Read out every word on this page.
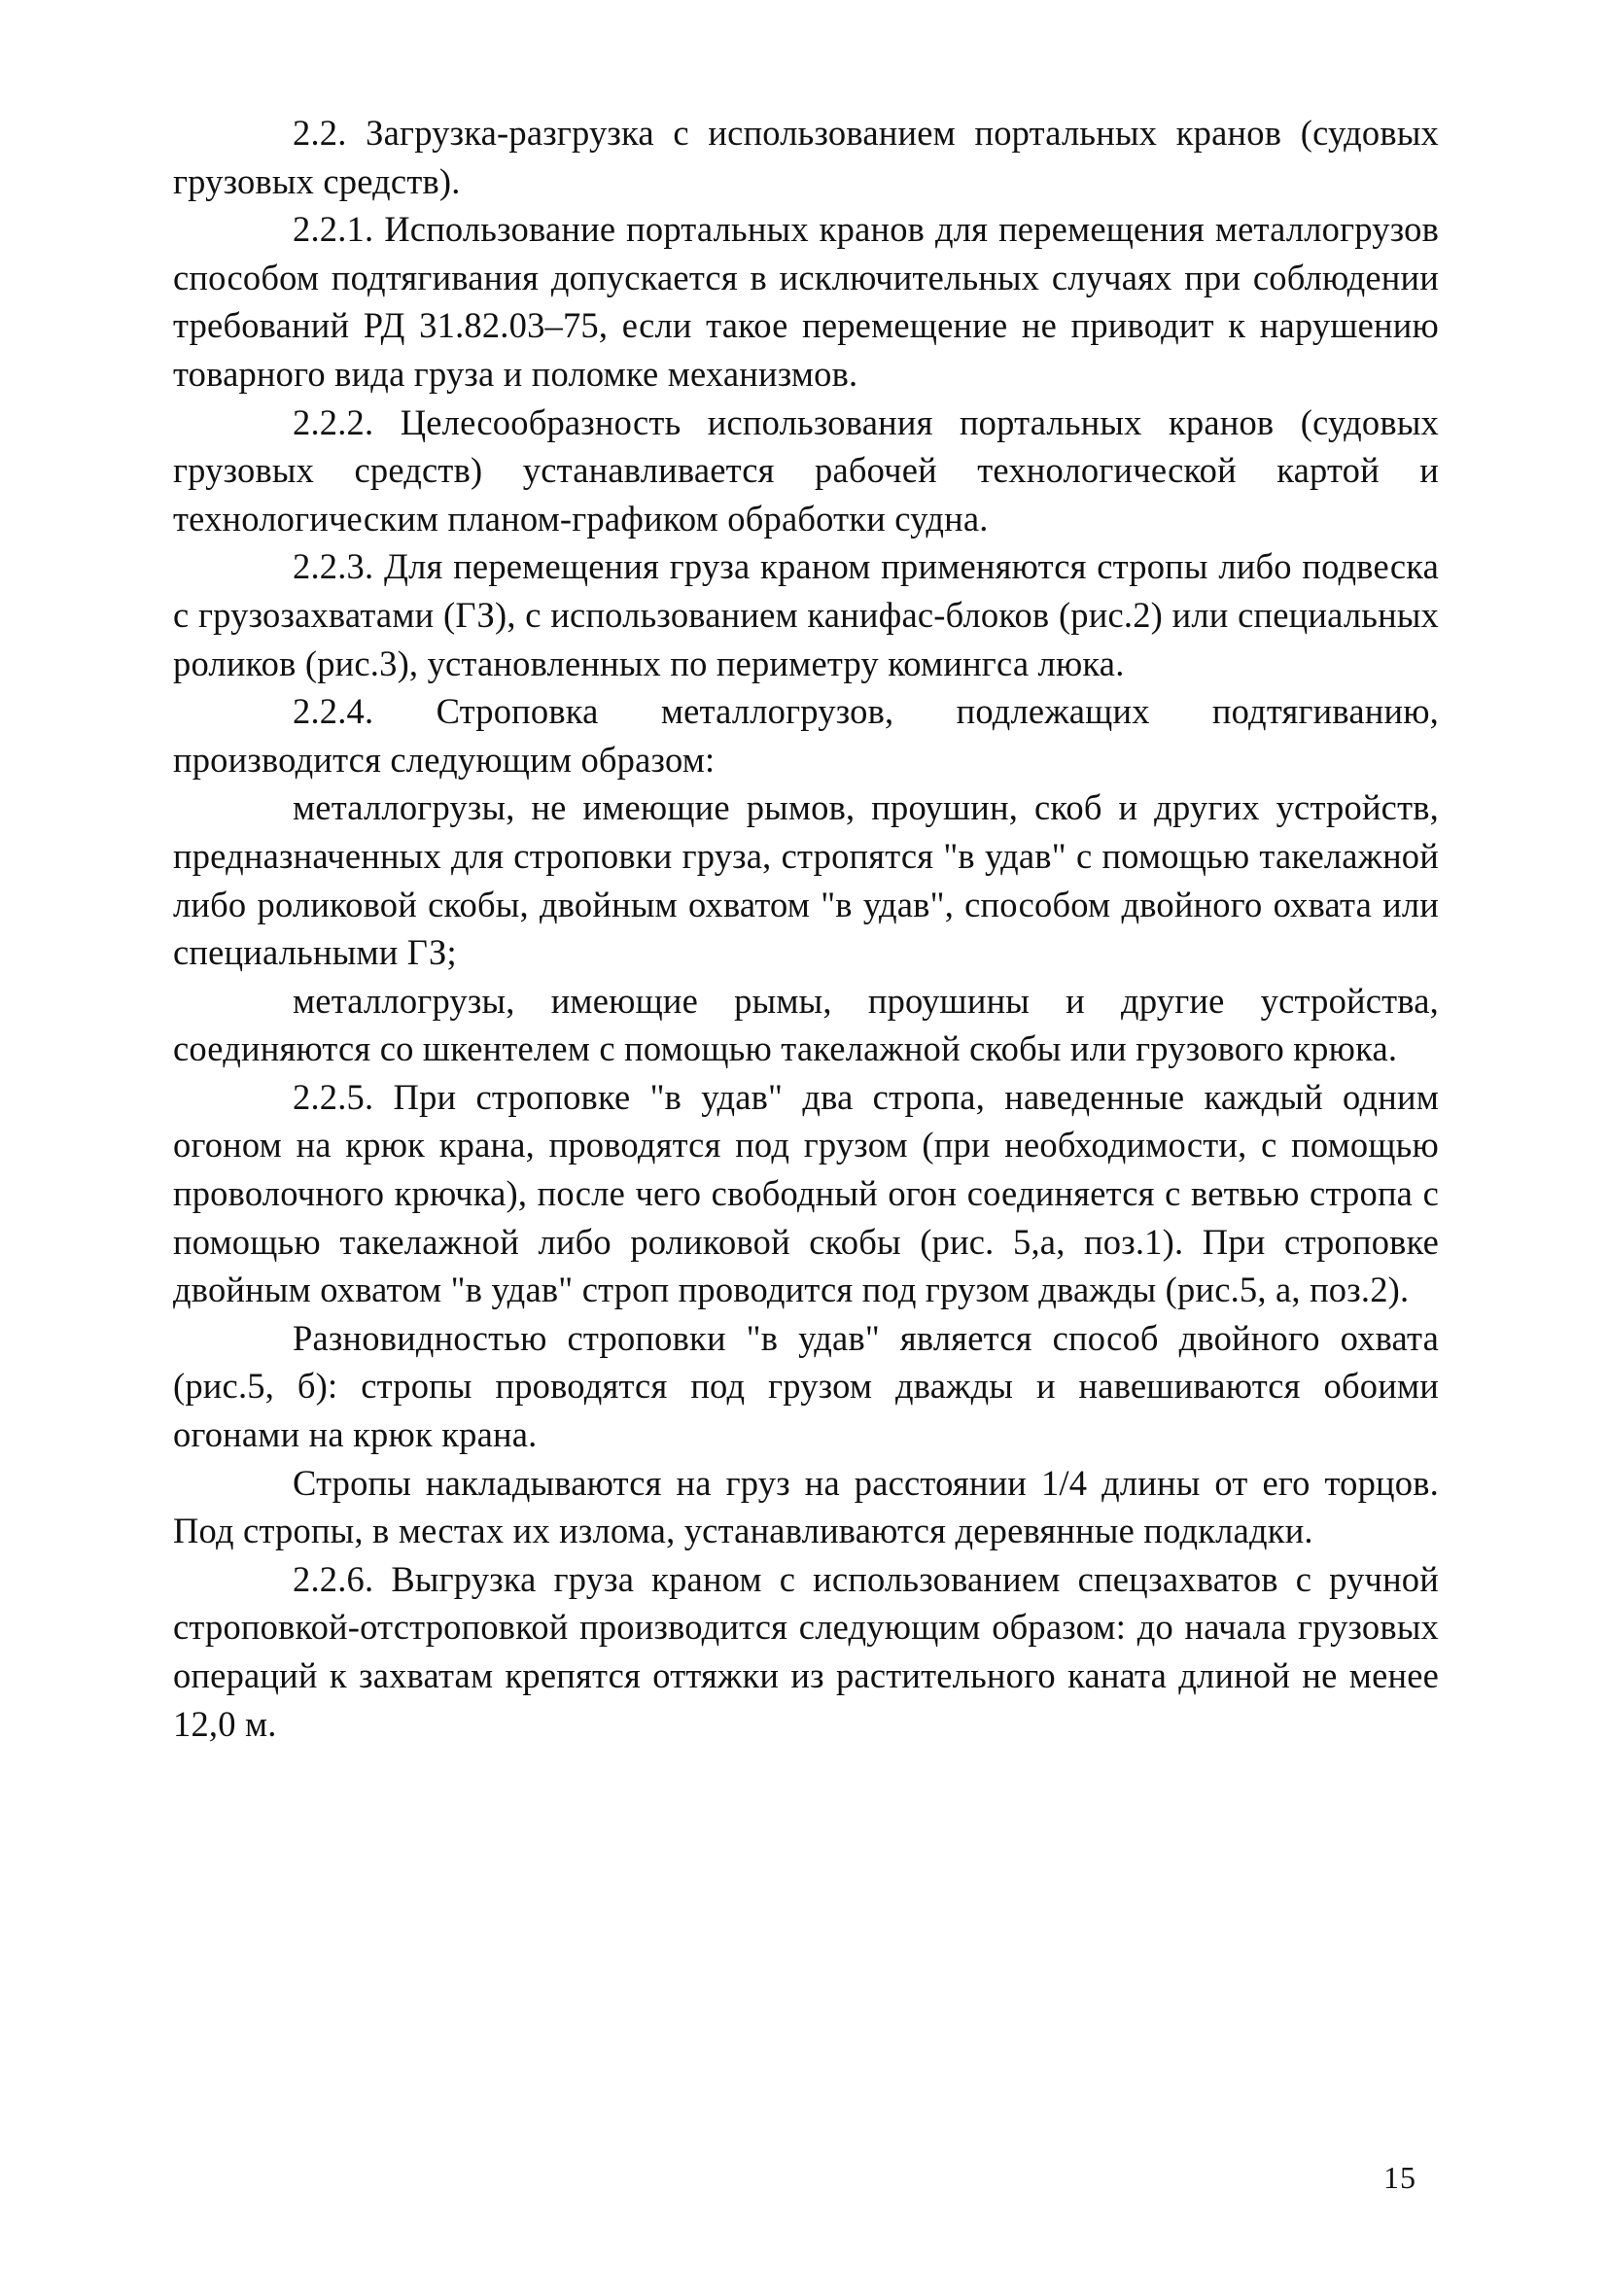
2.2. Загрузка-разгрузка с использованием портальных кранов (судовых грузовых средств).

2.2.1. Использование портальных кранов для перемещения металлогрузов способом подтягивания допускается в исключительных случаях при соблюдении требований РД 31.82.03–75, если такое перемещение не приводит к нарушению товарного вида груза и поломке механизмов.

2.2.2. Целесообразность использования портальных кранов (судовых грузовых средств) устанавливается рабочей технологической картой и технологическим планом-графиком обработки судна.

2.2.3. Для перемещения груза краном применяются стропы либо подвеска с грузозахватами (ГЗ), с использованием канифас-блоков (рис.2) или специальных роликов (рис.3), установленных по периметру комингса люка.

2.2.4. Строповка металлогрузов, подлежащих подтягиванию, производится следующим образом:

металлогрузы, не имеющие рымов, проушин, скоб и других устройств, предназначенных для строповки груза, стропятся "в удав" с помощью такелажной либо роликовой скобы, двойным охватом "в удав", способом двойного охвата или специальными ГЗ;

металлогрузы, имеющие рымы, проушины и другие устройства, соединяются со шкентелем с помощью такелажной скобы или грузового крюка.

2.2.5. При строповке "в удав" два стропа, наведенные каждый одним огоном на крюк крана, проводятся под грузом (при необходимости, с помощью проволочного крючка), после чего свободный огон соединяется с ветвью стропа с помощью такелажной либо роликовой скобы (рис. 5,а, поз.1). При строповке двойным охватом "в удав" строп проводится под грузом дважды (рис.5, а, поз.2).

Разновидностью строповки "в удав" является способ двойного охвата (рис.5, б): стропы проводятся под грузом дважды и навешиваются обоими огонами на крюк крана.

Стропы накладываются на груз на расстоянии 1/4 длины от его торцов. Под стропы, в местах их излома, устанавливаются деревянные подкладки.

2.2.6. Выгрузка груза краном с использованием спецзахватов с ручной строповкой-отстроповкой производится следующим образом: до начала грузовых операций к захватам крепятся оттяжки из растительного каната длиной не менее 12,0 м.

15
